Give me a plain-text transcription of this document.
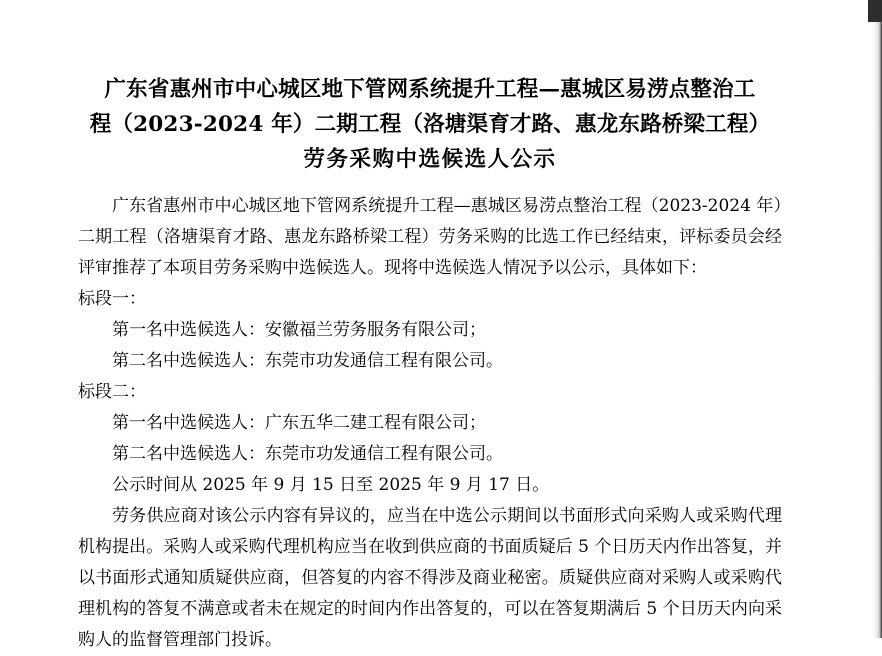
广东省惠州市中心城区地下管网系统提升工程—惠城区易涝点整治工
程（2023-2024 年）二期工程（洛塘渠育才路、惠龙东路桥梁工程）
劳务采购中选候选人公示

广东省惠州市中心城区地下管网系统提升工程—惠城区易涝点整治工程（2023-2024 年）二期工程（洛塘渠育才路、惠龙东路桥梁工程）劳务采购的比选工作已经结束，评标委员会经评审推荐了本项目劳务采购中选候选人。现将中选候选人情况予以公示，具体如下：

标段一：

第一名中选候选人：安徽福兰劳务服务有限公司；

第二名中选候选人：东莞市功发通信工程有限公司。

标段二：

第一名中选候选人：广东五华二建工程有限公司；

第二名中选候选人：东莞市功发通信工程有限公司。

公示时间从 2025 年 9 月 15 日至 2025 年 9 月 17 日。

劳务供应商对该公示内容有异议的，应当在中选公示期间以书面形式向采购人或采购代理机构提出。采购人或采购代理机构应当在收到供应商的书面质疑后 5 个日历天内作出答复，并以书面形式通知质疑供应商，但答复的内容不得涉及商业秘密。质疑供应商对采购人或采购代理机构的答复不满意或者未在规定的时间内作出答复的，可以在答复期满后 5 个日历天内向采购人的监督管理部门投诉。
